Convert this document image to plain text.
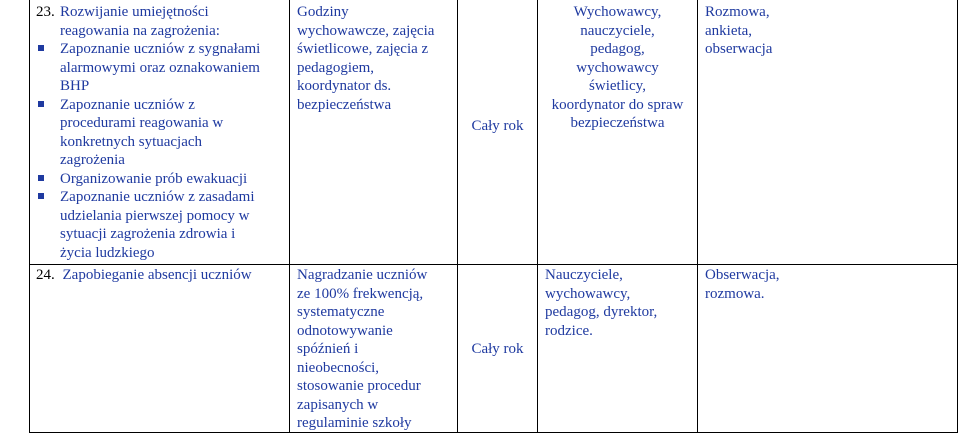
23. Rozwijanie umiejętności
reagowania na zagrożenia:
Zapoznanie uczniów z sygnałami
alarmowymi oraz oznakowaniem
BHP
Zapoznanie uczniów z
procedurami reagowania w
konkretnych sytuacjach
zagrożenia
Organizowanie prób ewakuacji
Zapoznanie uczniów z zasadami
udzielania pierwszej pomocy w
sytuacji zagrożenia zdrowia i
życia ludzkiego
Godziny
wychowawcze, zajęcia
świetlicowe, zajęcia z
pedagogiem,
koordynator ds.
bezpieczeństwa
Cały rok
Wychowawcy,
nauczyciele,
pedagog,
wychowawcy
świetlicy,
koordynator do spraw
bezpieczeństwa
Rozmowa,
ankieta,
obserwacja
24. Zapobieganie absencji uczniów	Nagradzanie uczniów
ze 100% frekwencją,
systematyczne
odnotowywanie
spóźnień i
nieobecności,
stosowanie procedur
zapisanych w
regulaminie szkoły
Cały rok
Nauczyciele,
wychowawcy,
pedagog, dyrektor,
rodzice.
Obserwacja,
rozmowa.
